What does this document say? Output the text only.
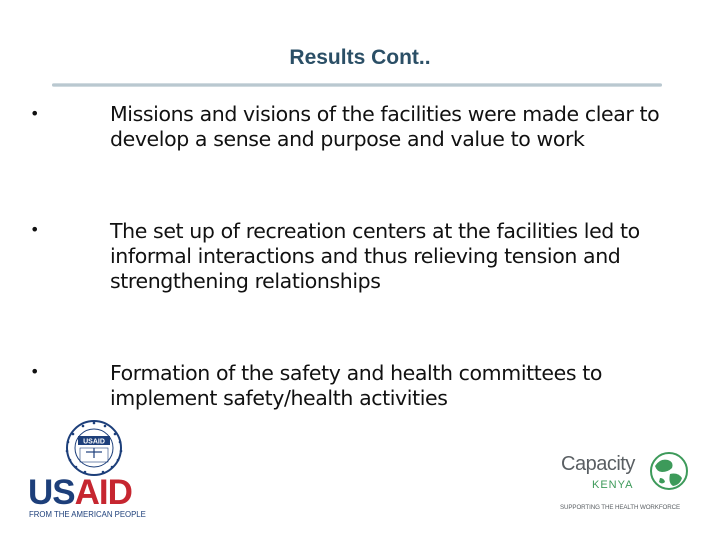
Results Cont..
•	Missions and visions of the facilities were made clear to develop a sense and purpose and value to work
•	The set up of recreation centers at the facilities led to informal interactions and thus relieving tension and strengthening relationships
•	Formation of the safety and health committees to implement safety/health activities
USAID
USAID
FROM THE AMERICAN PEOPLE
Capacity
KENYA
SUPPORTING THE HEALTH WORKFORCE
